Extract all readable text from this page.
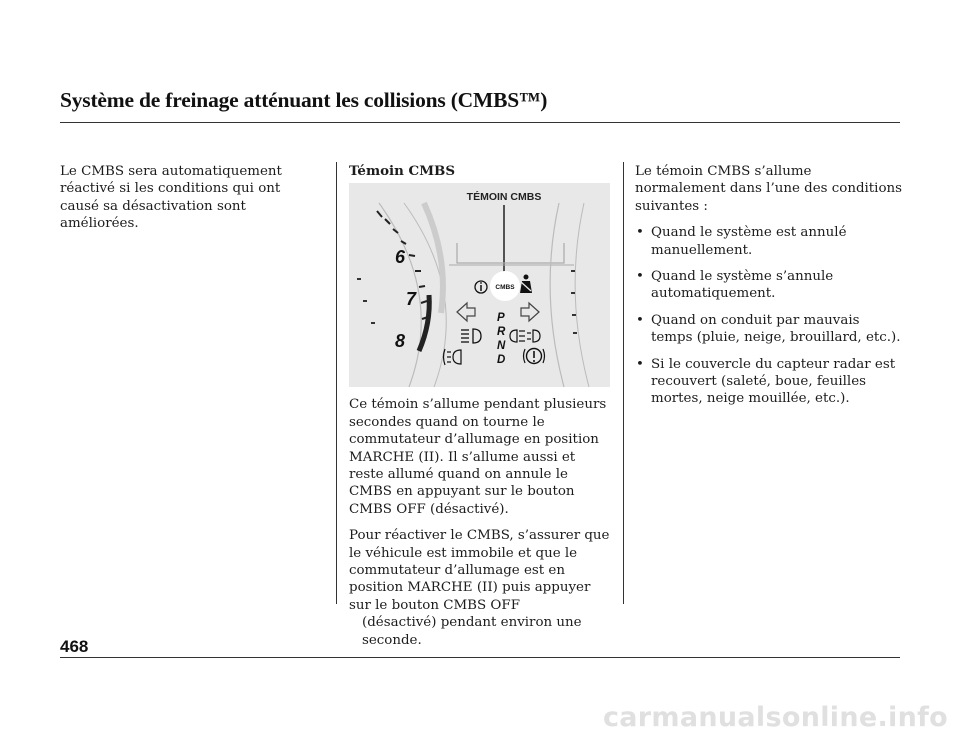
Système de freinage atténuant les collisions (CMBS™)

Le CMBS sera automatiquement réactivé si les conditions qui ont causé sa désactivation sont améliorées.

Témoin CMBS
TÉMOIN CMBS
6
7
8
CMBS
P
R
N
D

Ce témoin s’allume pendant plusieurs secondes quand on tourne le commutateur d’allumage en position MARCHE (II). Il s’allume aussi et reste allumé quand on annule le CMBS en appuyant sur le bouton CMBS OFF (désactivé).

Pour réactiver le CMBS, s’assurer que le véhicule est immobile et que le commutateur d’allumage est en position MARCHE (II) puis appuyer sur le bouton CMBS OFF
(désactivé) pendant environ une seconde.

Le témoin CMBS s’allume normalement dans l’une des conditions suivantes :

• Quand le système est annulé manuellement.
• Quand le système s’annule automatiquement.
• Quand on conduit par mauvais temps (pluie, neige, brouillard, etc.).
• Si le couvercle du capteur radar est recouvert (saleté, boue, feuilles mortes, neige mouillée, etc.).
468
carmanualsonline.info
